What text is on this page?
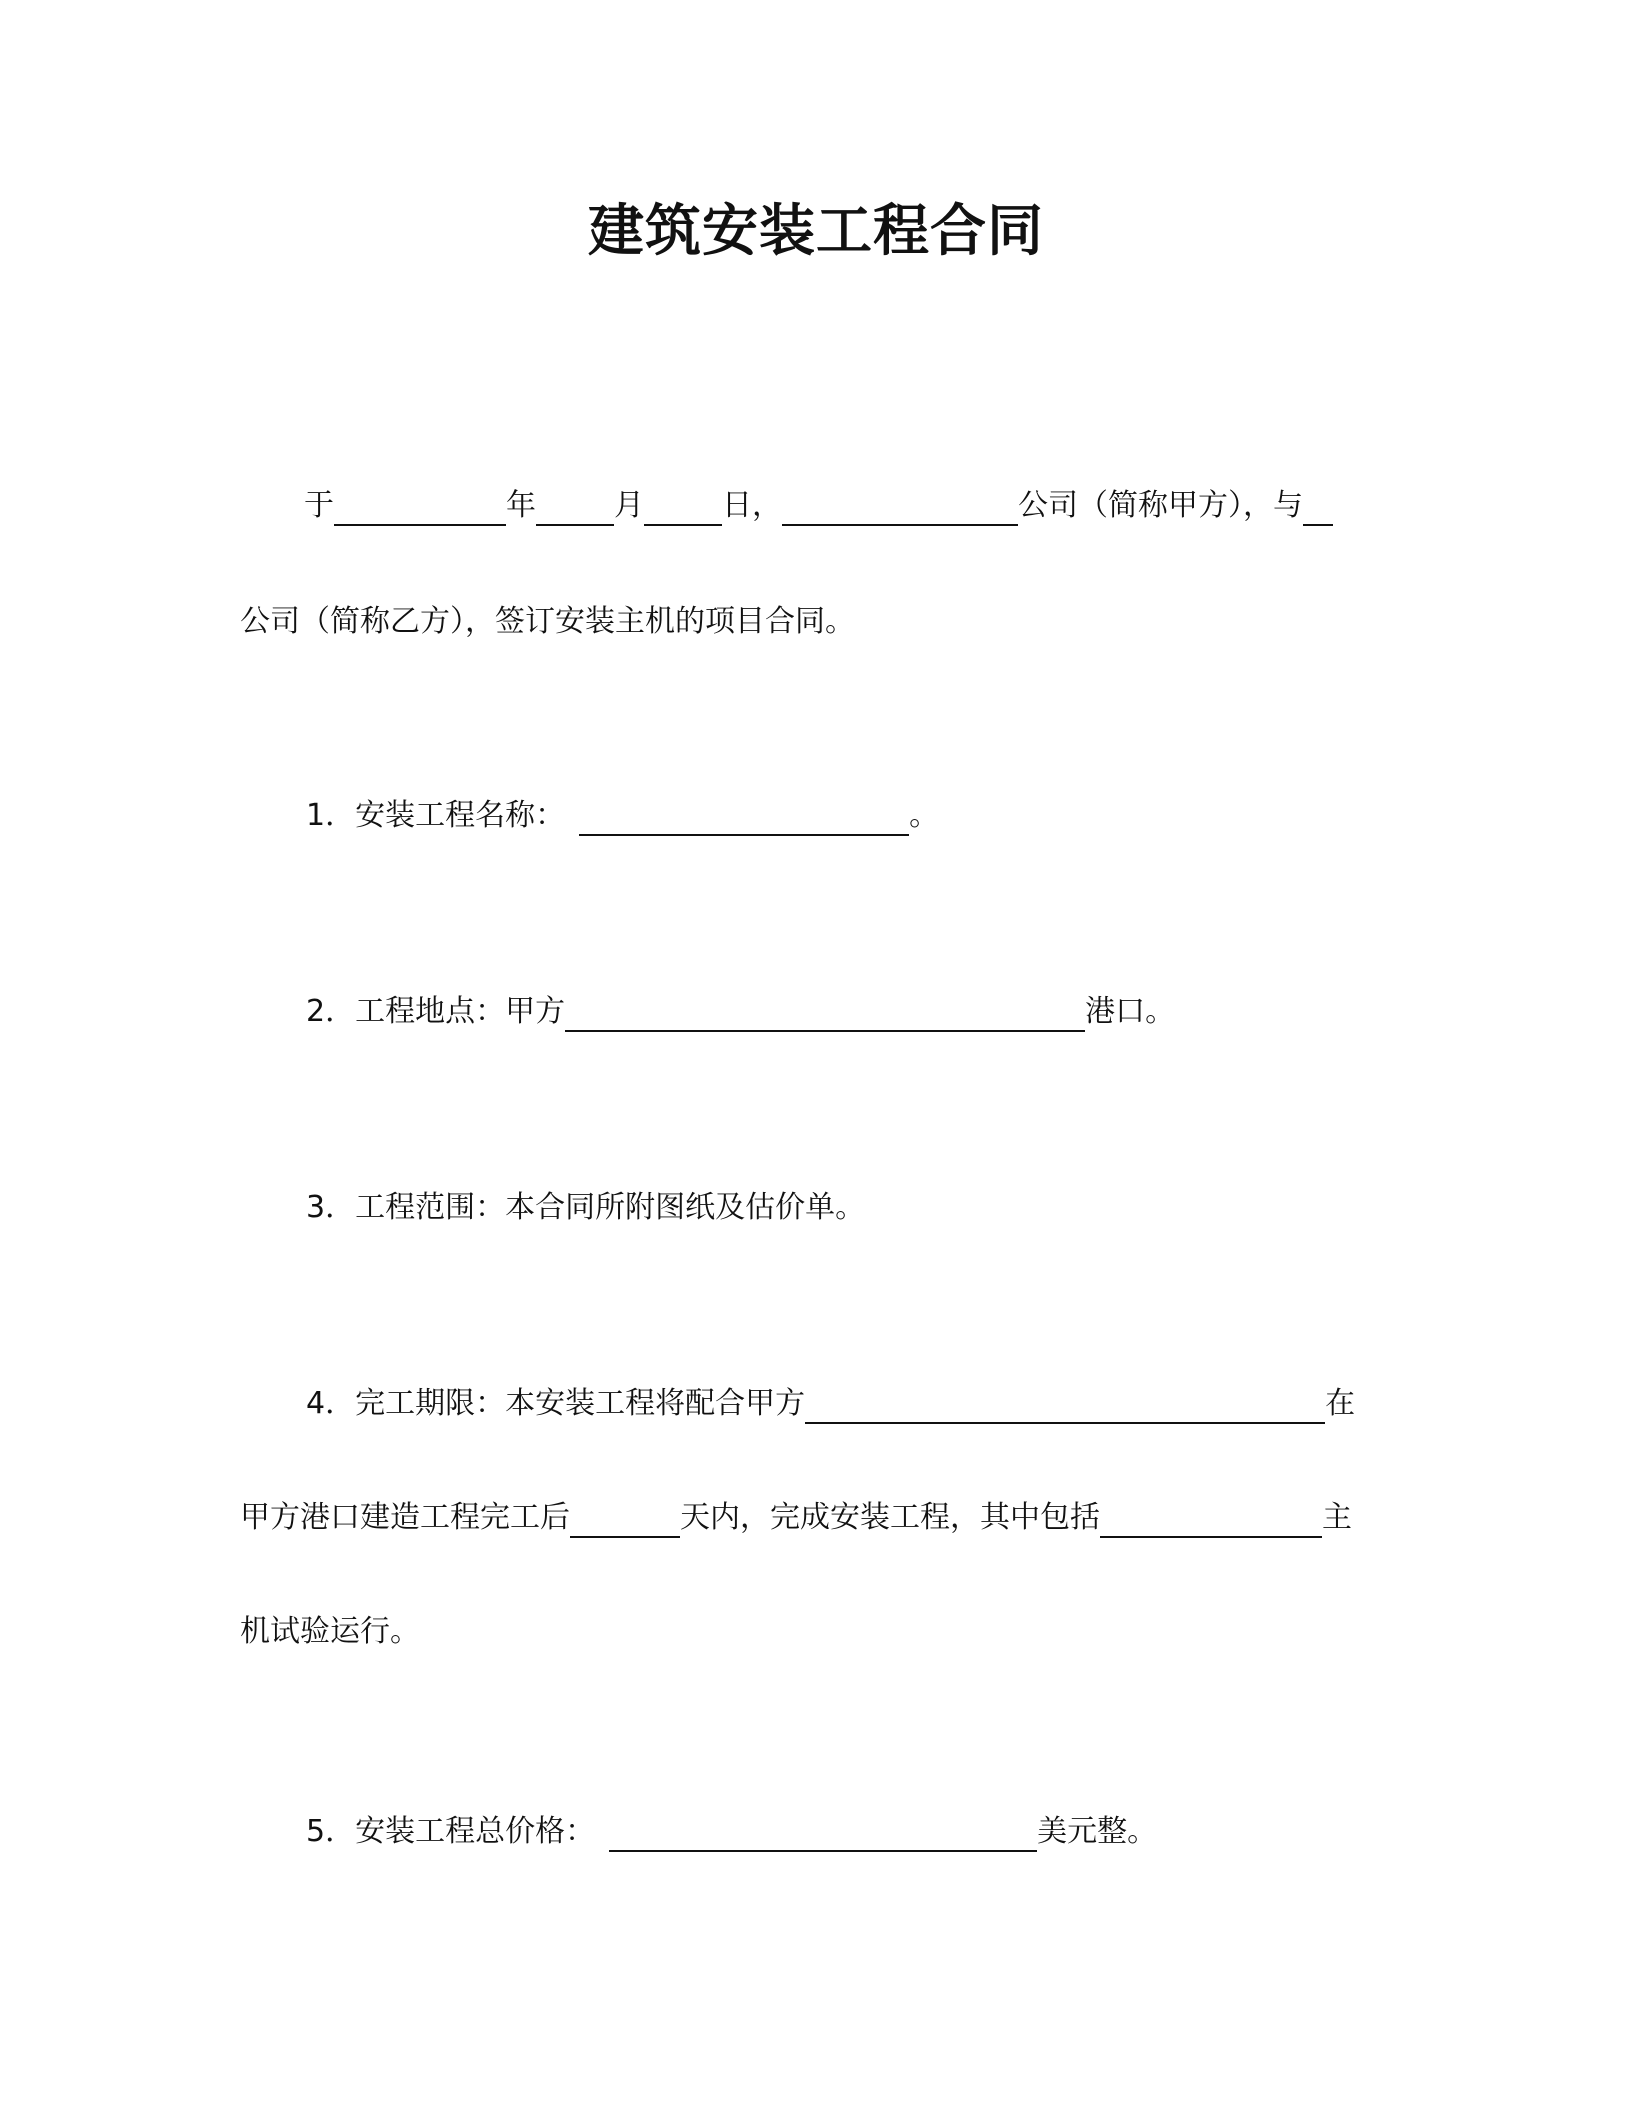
建筑安装工程合同
于	年	月	日，	公司（简称甲方），与
公司（简称乙方），签订安装主机的项目合同。
1．安装工程名称：	。
2．工程地点：甲方	港口。
3．工程范围：本合同所附图纸及估价单。
4．完工期限：本安装工程将配合甲方	在
甲方港口建造工程完工后	天内，完成安装工程，其中包括	主
机试验运行。
5．安装工程总价格：	美元整。
